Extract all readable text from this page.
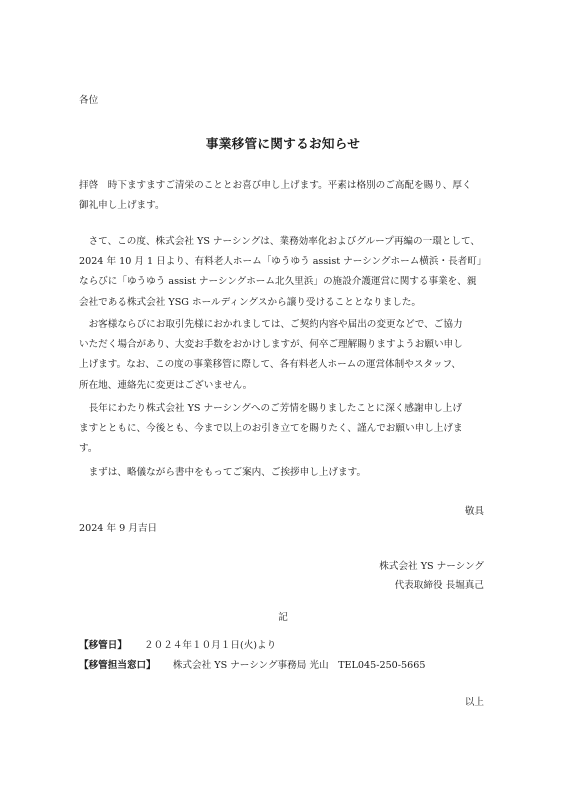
各位
事業移管に関するお知らせ
拝啓　時下ますますご清栄のこととお喜び申し上げます。平素は格別のご高配を賜り、厚く
御礼申し上げます。
　さて、この度、株式会社 YS ナーシングは、業務効率化およびグループ再編の一環として、
2024 年 10 月 1 日より、有料老人ホーム「ゆうゆう assist ナーシングホーム横浜・長者町」
ならびに「ゆうゆう assist ナーシングホーム北久里浜」の施設介護運営に関する事業を、親
会社である株式会社 YSG ホールディングスから譲り受けることとなりました。
　お客様ならびにお取引先様におかれましては、ご契約内容や届出の変更などで、ご協力
いただく場合があり、大変お手数をおかけしますが、何卒ご理解賜りますようお願い申し
上げます。なお、この度の事業移管に際して、各有料老人ホームの運営体制やスタッフ、
所在地、連絡先に変更はございません。
　長年にわたり株式会社 YS ナーシングへのご芳情を賜りましたことに深く感謝申し上げ
ますとともに、今後とも、今まで以上のお引き立てを賜りたく、謹んでお願い申し上げま
す。
　まずは、略儀ながら書中をもってご案内、ご挨拶申し上げます。
敬具
2024 年 9 月吉日
株式会社 YS ナーシング
代表取締役 長堀真己
記
【移管日】 ２０２４年１０月１日(火)より
【移管担当窓口】 株式会社 YS ナーシング事務局 光山　TEL045-250-5665
以上
